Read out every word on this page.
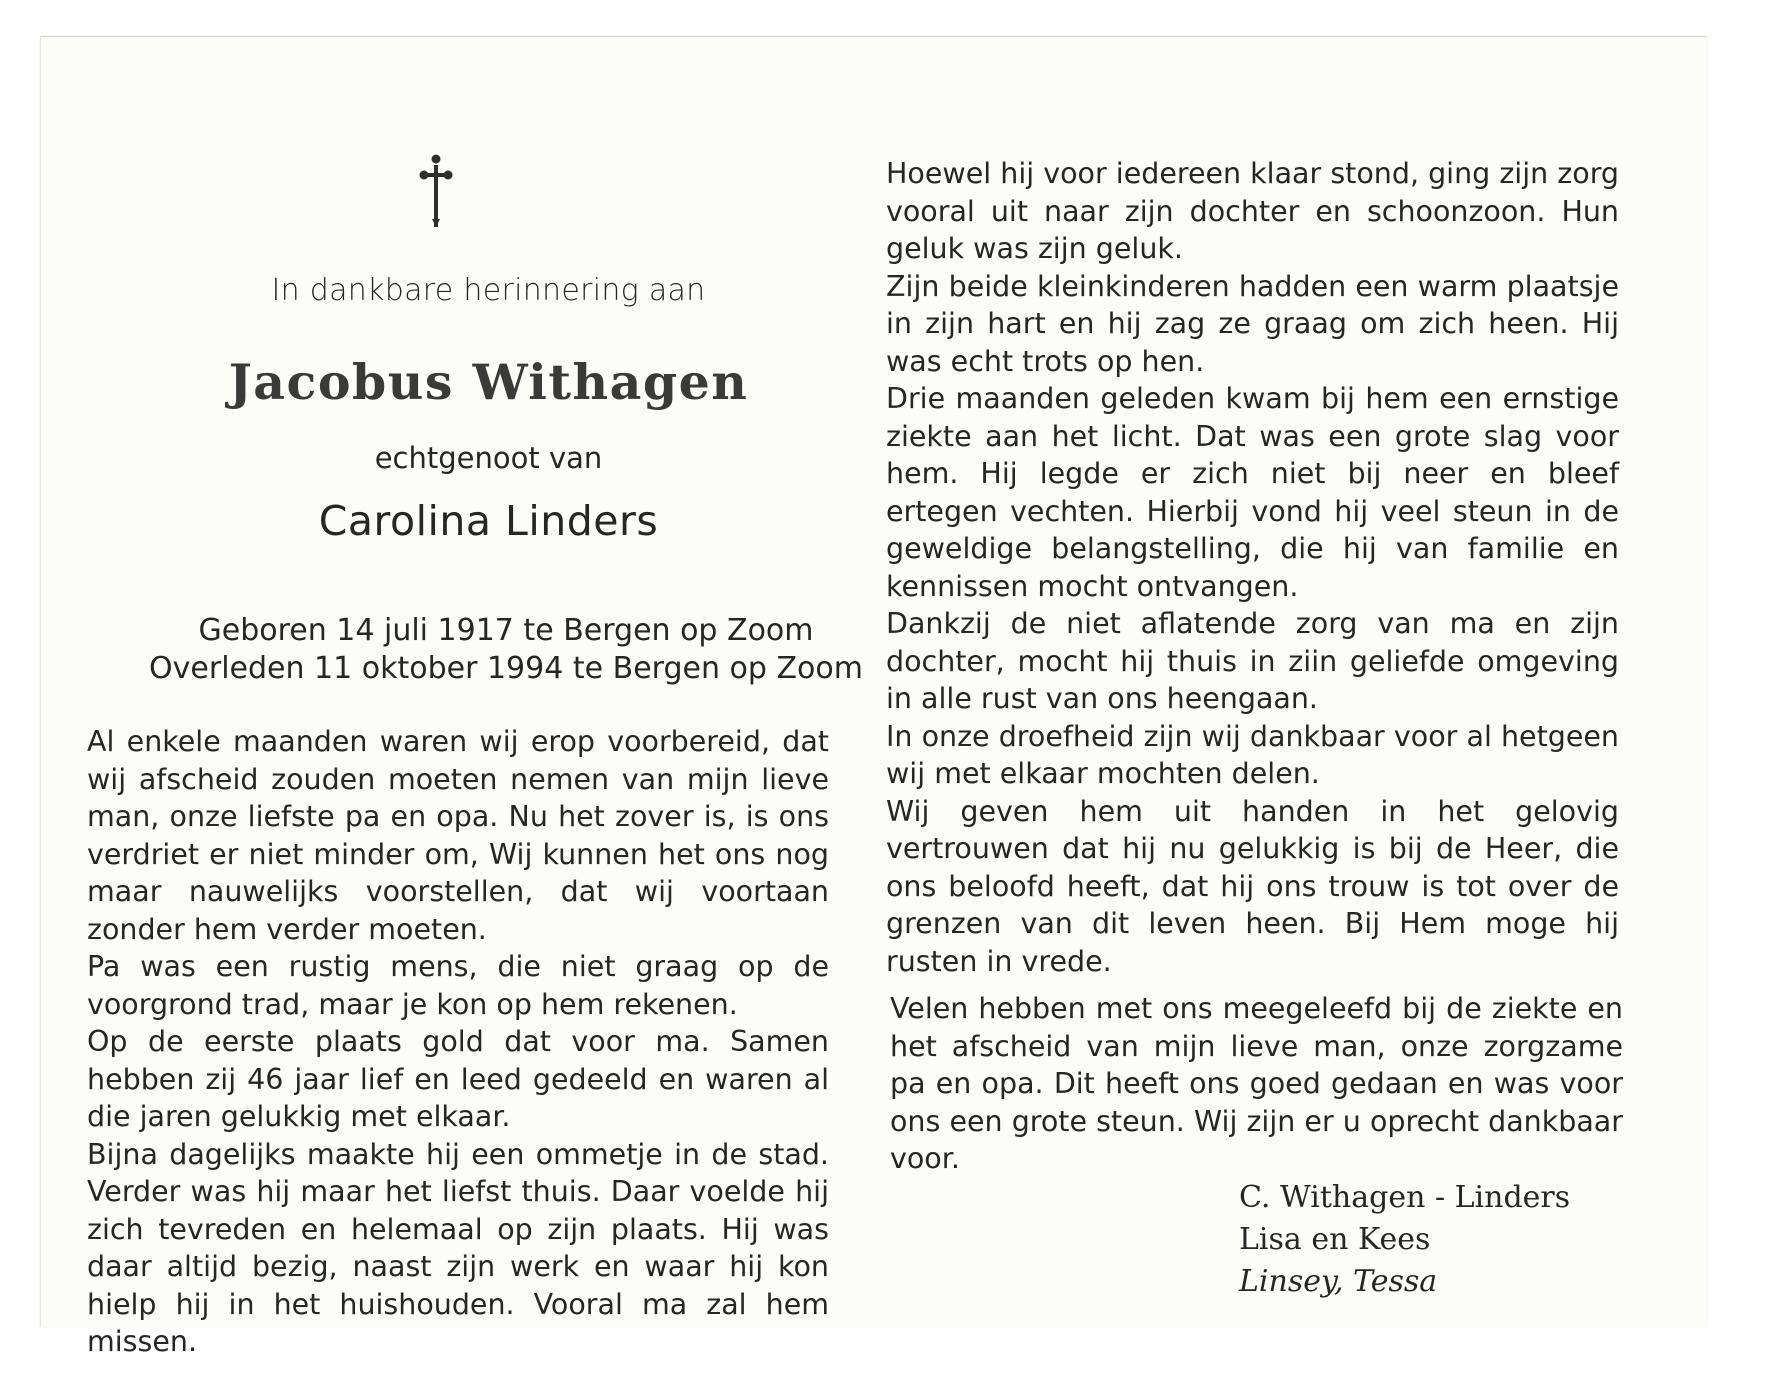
In dankbare herinnering aan
Jacobus Withagen
echtgenoot van
Carolina Linders
Geboren 14 juli 1917 te Bergen op Zoom
Overleden 11 oktober 1994 te Bergen op Zoom

Al enkele maanden waren wij erop voorbereid, dat wij afscheid zouden moeten nemen van mijn lieve man, onze liefste pa en opa. Nu het zover is, is ons verdriet er niet minder om, Wij kunnen het ons nog maar nauwelijks voorstellen, dat wij voortaan zonder hem verder moeten.

Pa was een rustig mens, die niet graag op de voorgrond trad, maar je kon op hem rekenen.

Op de eerste plaats gold dat voor ma. Samen hebben zij 46 jaar lief en leed gedeeld en waren al die jaren gelukkig met elkaar.

Bijna dagelijks maakte hij een ommetje in de stad. Verder was hij maar het liefst thuis. Daar voelde hij zich tevreden en helemaal op zijn plaats. Hij was daar altijd bezig, naast zijn werk en waar hij kon hielp hij in het huishouden. Vooral ma zal hem missen.

Hoewel hij voor iedereen klaar stond, ging zijn zorg vooral uit naar zijn dochter en schoonzoon. Hun geluk was zijn geluk.

Zijn beide kleinkinderen hadden een warm plaatsje in zijn hart en hij zag ze graag om zich heen. Hij was echt trots op hen.

Drie maanden geleden kwam bij hem een ernstige ziekte aan het licht. Dat was een grote slag voor hem. Hij legde er zich niet bij neer en bleef ertegen vechten. Hierbij vond hij veel steun in de geweldige belangstelling, die hij van familie en kennissen mocht ontvangen.

Dankzij de niet aflatende zorg van ma en zijn dochter, mocht hij thuis in ziin geliefde omgeving in alle rust van ons heengaan.

In onze droefheid zijn wij dankbaar voor al hetgeen wij met elkaar mochten delen.

Wij geven hem uit handen in het gelovig vertrouwen dat hij nu gelukkig is bij de Heer, die ons beloofd heeft, dat hij ons trouw is tot over de grenzen van dit leven heen. Bij Hem moge hij rusten in vrede.

Velen hebben met ons meegeleefd bij de ziekte en het afscheid van mijn lieve man, onze zorgzame pa en opa. Dit heeft ons goed gedaan en was voor ons een grote steun. Wij zijn er u oprecht dankbaar voor.

C. Withagen - Linders
Lisa en Kees
Linsey, Tessa
